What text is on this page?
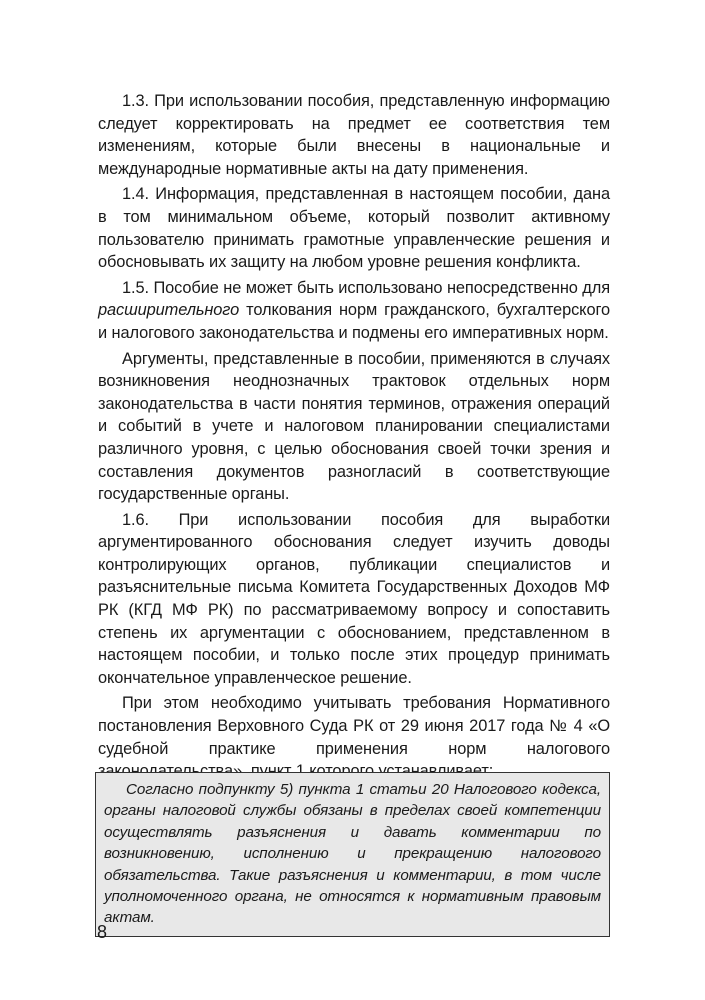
1.3. При использовании пособия, представленную информацию следует корректировать на предмет ее соответствия тем изменениям, которые были внесены в национальные и международные нормативные акты на дату применения.

1.4. Информация, представленная в настоящем пособии, дана в том минимальном объеме, который позволит активному пользователю принимать грамотные управленческие решения и обосновывать их защиту на любом уровне решения конфликта.

1.5. Пособие не может быть использовано непосредственно для расширительного толкования норм гражданского, бухгалтерского и налогового законодательства и подмены его императивных норм.

Аргументы, представленные в пособии, применяются в случаях возникновения неоднозначных трактовок отдельных норм законодательства в части понятия терминов, отражения операций и событий в учете и налоговом планировании специалистами различного уровня, с целью обоснования своей точки зрения и составления документов разногласий в соответствующие государственные органы.

1.6. При использовании пособия для выработки аргументированного обоснования следует изучить доводы контролирующих органов, публикации специалистов и разъяснительные письма Комитета Государственных Доходов МФ РК (КГД МФ РК) по рассматриваемому вопросу и сопоставить степень их аргументации с обоснованием, представленном в настоящем пособии, и только после этих процедур принимать окончательное управленческое решение.

При этом необходимо учитывать требования Нормативного постановления Верховного Суда РК от 29 июня 2017 года № 4 «О судебной практике применения норм налогового

Согласно подпункту 5) пункта 1 статьи 20 Налогового кодекса, органы налоговой службы обязаны в пределах своей компетенции осуществлять разъяснения и давать комментарии по возникновению, исполнению и прекращению налогового обязательства. Такие разъяснения и комментарии, в том числе уполномоченного органа, не относятся к нормативным правовым актам.

8
